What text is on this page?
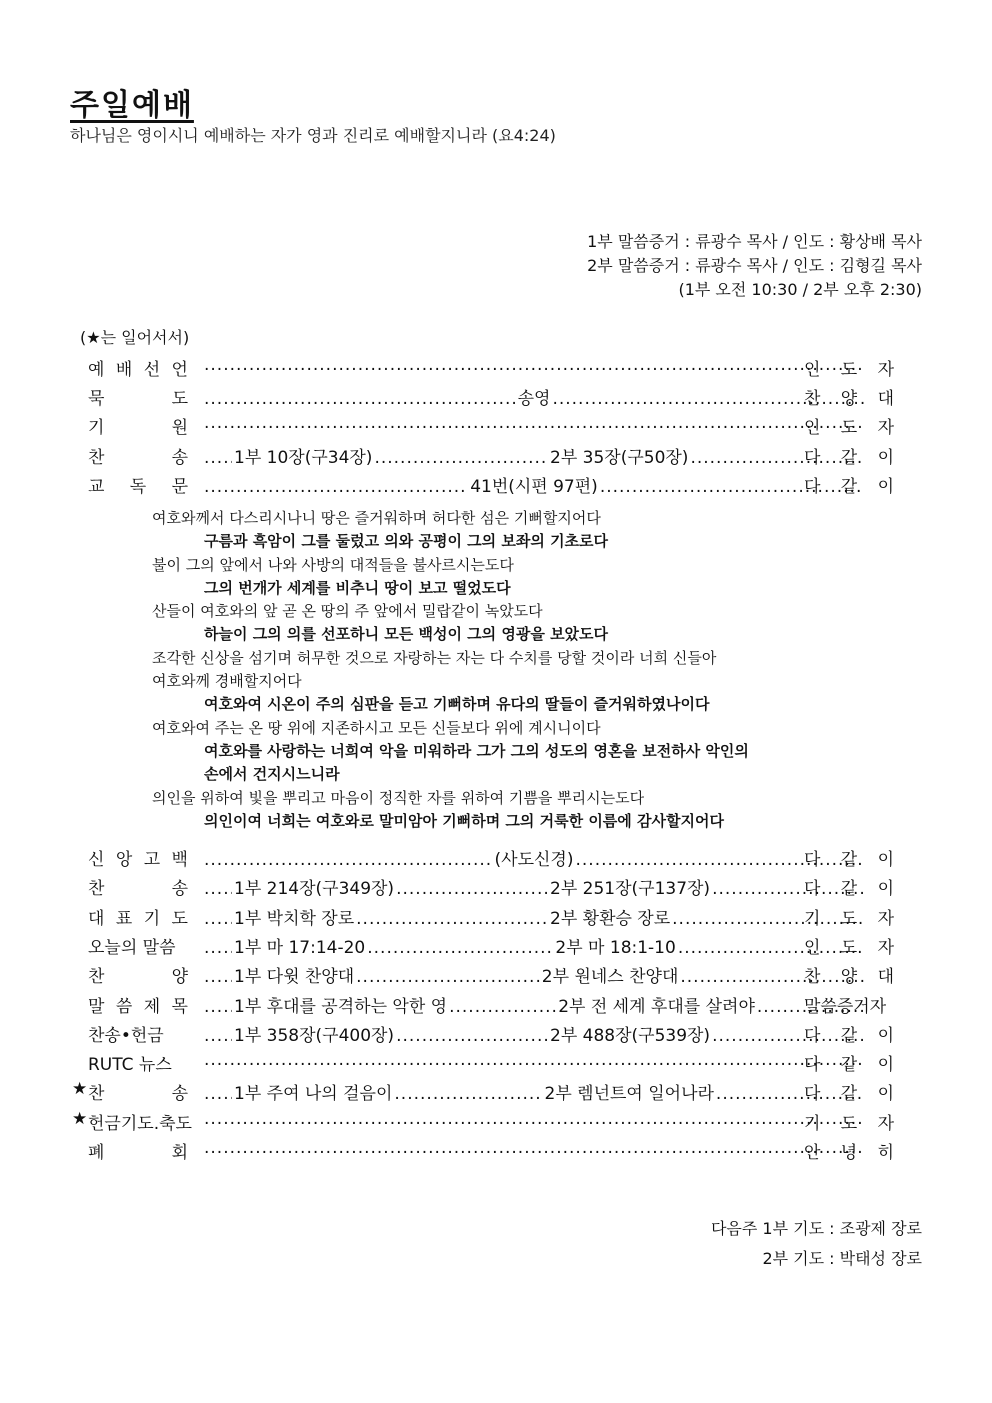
주일예배
하나님은 영이시니 예배하는 자가 영과 진리로 예배할지니라 (요4:24)
1부 말씀증거 : 류광수 목사 / 인도 : 황상배 목사
2부 말씀증거 : 류광수 목사 / 인도 : 김형길 목사
(1부 오전 10:30 / 2부 오후 2:30)
(★는 일어서서)
예 배 선 언 .....	인 도 자
묵	도 .....	송영 .....	찬 양 대
기	원 .....	인 도 자
찬	송 .....	1부 10장(구34장) .....	2부 35장(구50장) .....	다 같 이
교 독 문 .....	41번(시편 97편) .....	다 같 이
여호와께서 다스리시나니 땅은 즐거워하며 허다한 섬은 기뻐할지어다
구름과 흑암이 그를 둘렀고 의와 공평이 그의 보좌의 기초로다
불이 그의 앞에서 나와 사방의 대적들을 불사르시는도다
그의 번개가 세계를 비추니 땅이 보고 떨었도다
산들이 여호와의 앞 곧 온 땅의 주 앞에서 밀랍같이 녹았도다
하늘이 그의 의를 선포하니 모든 백성이 그의 영광을 보았도다
조각한 신상을 섬기며 허무한 것으로 자랑하는 자는 다 수치를 당할 것이라 너희 신들아
여호와께 경배할지어다
여호와여 시온이 주의 심판을 듣고 기뻐하며 유다의 딸들이 즐거워하였나이다
여호와여 주는 온 땅 위에 지존하시고 모든 신들보다 위에 계시니이다
여호와를 사랑하는 너희여 악을 미워하라 그가 그의 성도의 영혼을 보전하사 악인의
손에서 건지시느니라
의인을 위하여 빛을 뿌리고 마음이 정직한 자를 위하여 기쁨을 뿌리시는도다
의인이여 너희는 여호와로 말미암아 기뻐하며 그의 거룩한 이름에 감사할지어다
신 앙 고 백 .....	(사도신경) .....	다 같 이
찬	송 .....	1부 214장(구349장) .....	2부 251장(구137장) .....	다 같 이
대 표 기 도 .....	1부 박치학 장로 .....	2부 황환승 장로 .....	기 도 자
오늘의 말씀 .....	1부 마 17:14-20 .....	2부 마 18:1-10 .....	인 도 자
찬	양 .....	1부 다윗 찬양대 .....	2부 원네스 찬양대 .....	찬 양 대
말 씀 제 목 .....	1부 후대를 공격하는 악한 영 .....	2부 전 세계 후대를 살려야 .....	말씀증거자
찬송•헌금 .....	1부 358장(구400장) .....	2부 488장(구539장) .....	다 같 이
RUTC 뉴스 .....	다 같 이
★ 찬	송 .....	1부 주여 나의 걸음이 .....	2부 렘넌트여 일어나라 .....	다 같 이
★ 헌금기도.축도 .....	기 도 자
폐	회 .....	안 녕 히
다음주 1부 기도 : 조광제 장로
2부 기도 : 박태성 장로
